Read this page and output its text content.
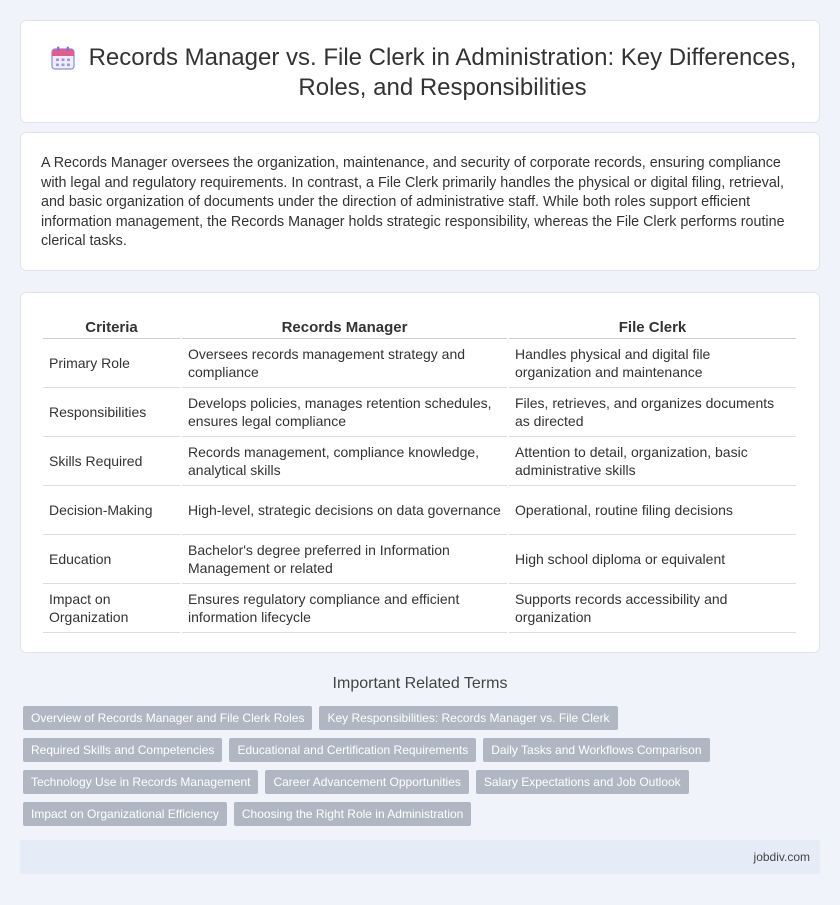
Records Manager vs. File Clerk in Administration: Key Differences, Roles, and Responsibilities

A Records Manager oversees the organization, maintenance, and security of corporate records, ensuring compliance with legal and regulatory requirements. In contrast, a File Clerk primarily handles the physical or digital filing, retrieval, and basic organization of documents under the direction of administrative staff. While both roles support efficient information management, the Records Manager holds strategic responsibility, whereas the File Clerk performs routine clerical tasks.

Criteria	Records Manager	File Clerk
Primary Role	Oversees records management strategy and compliance	Handles physical and digital file organization and maintenance
Responsibilities	Develops policies, manages retention schedules, ensures legal compliance	Files, retrieves, and organizes documents as directed
Skills Required	Records management, compliance knowledge, analytical skills	Attention to detail, organization, basic administrative skills
Decision-Making	High-level, strategic decisions on data governance	Operational, routine filing decisions
Education	Bachelor's degree preferred in Information Management or related	High school diploma or equivalent
Impact on Organization	Ensures regulatory compliance and efficient information lifecycle	Supports records accessibility and organization
Important Related Terms
Overview of Records Manager and File Clerk Roles	Key Responsibilities: Records Manager vs. File Clerk
Required Skills and Competencies	Educational and Certification Requirements	Daily Tasks and Workflows Comparison
Technology Use in Records Management	Career Advancement Opportunities	Salary Expectations and Job Outlook
Impact on Organizational Efficiency	Choosing the Right Role in Administration
jobdiv.com
